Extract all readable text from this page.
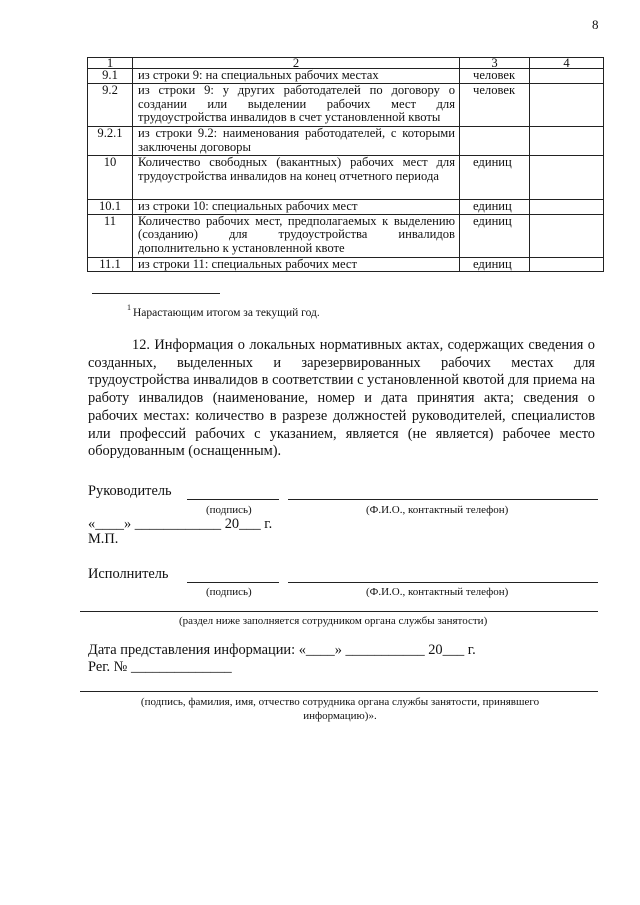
8
1	2	3	4
9.1	из строки 9: на специальных рабочих местах	человек	
9.2	из строки 9: у других работодателей по договору о создании или выделении рабочих мест для трудоустройства инвалидов в счет установленной квоты	человек	
9.2.1	из строки 9.2: наименования работодателей, с которыми заключены договоры		
10	Количество свободных (вакантных) рабочих мест для трудоустройства инвалидов на конец отчетного периода	единиц	
10.1	из строки 10: специальных рабочих мест	единиц	
11	Количество рабочих мест, предполагаемых к выделению (созданию) для трудоустройства инвалидов дополнительно к установленной квоте	единиц	
11.1	из строки 11: специальных рабочих мест	единиц	
$^1$ Нарастающим итогом за текущий год.
12. Информация о локальных нормативных актах, содержащих сведения о созданных, выделенных и зарезервированных рабочих местах для трудоустройства инвалидов в соответствии с установленной квотой для приема на работу инвалидов (наименование, номер и дата принятия акта; сведения о рабочих местах: количество в разрезе должностей руководителей, специалистов или профессий рабочих с указанием, является (не является) рабочее место оборудованным (оснащенным).
Руководитель
(подпись)	(Ф.И.О., контактный телефон)
«____» ____________ 20___ г.
М.П.
Исполнитель
(подпись)	(Ф.И.О., контактный телефон)
(раздел ниже заполняется сотрудником органа службы занятости)
Дата представления информации: «____» ___________ 20___ г.
Рег. № ______________
(подпись, фамилия, имя, отчество сотрудника органа службы занятости, принявшего информацию)».
